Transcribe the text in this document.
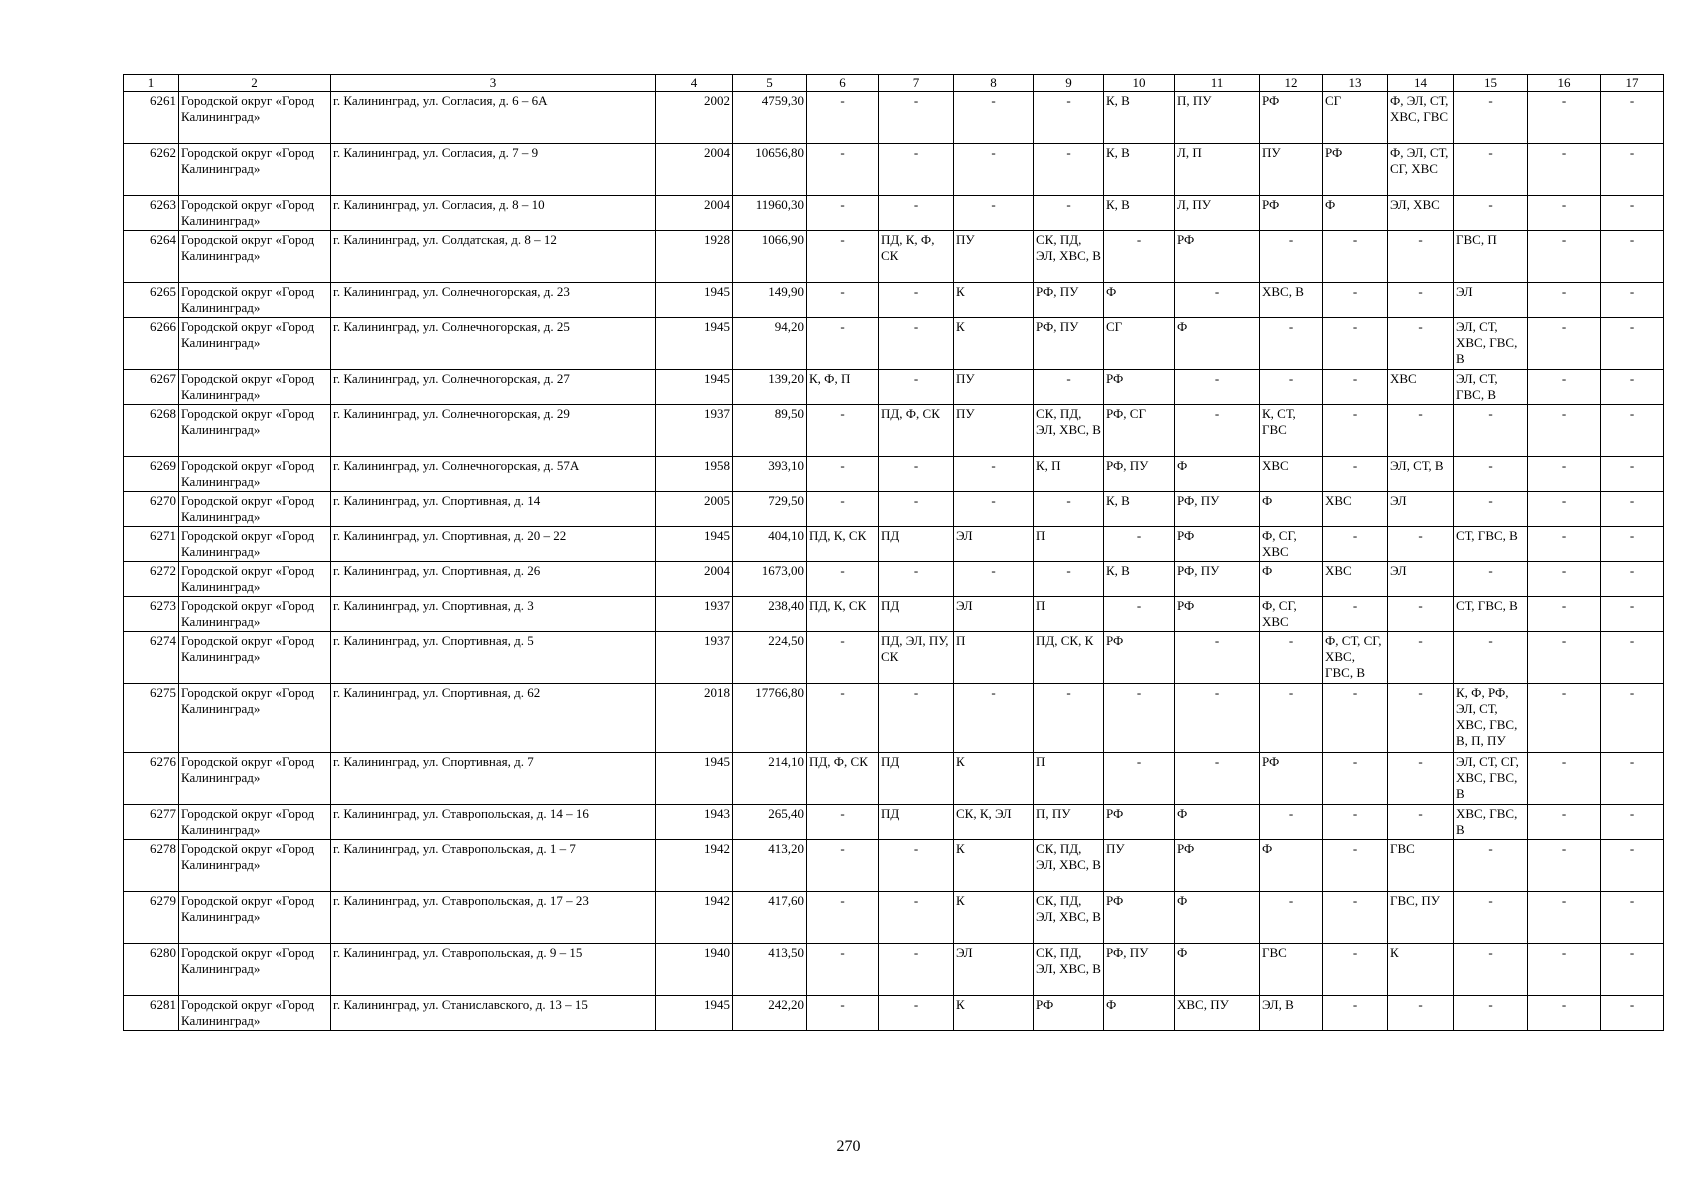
1	2	3	4	5	6	7	8	9	10	11	12	13	14	15	16	17
6261	Городской округ «Город Калининград»	г. Калининград, ул. Согласия, д. 6 – 6А	2002	4759,30	-	-	-	-	К, В	П, ПУ	РФ	СГ	Ф, ЭЛ, СТ, ХВС, ГВС	-	-	-
6262	Городской округ «Город Калининград»	г. Калининград, ул. Согласия, д. 7 – 9	2004	10656,80	-	-	-	-	К, В	Л, П	ПУ	РФ	Ф, ЭЛ, СТ, СГ, ХВС	-	-	-
6263	Городской округ «Город Калининград»	г. Калининград, ул. Согласия, д. 8 – 10	2004	11960,30	-	-	-	-	К, В	Л, ПУ	РФ	Ф	ЭЛ, ХВС	-	-	-
6264	Городской округ «Город Калининград»	г. Калининград, ул. Солдатская, д. 8 – 12	1928	1066,90	-	ПД, К, Ф, СК	ПУ	СК, ПД, ЭЛ, ХВС, В	-	РФ	-	-	-	ГВС, П	-	-
6265	Городской округ «Город Калининград»	г. Калининград, ул. Солнечногорская, д. 23	1945	149,90	-	-	К	РФ, ПУ	Ф	-	ХВС, В	-	-	ЭЛ	-	-
6266	Городской округ «Город Калининград»	г. Калининград, ул. Солнечногорская, д. 25	1945	94,20	-	-	К	РФ, ПУ	СГ	Ф	-	-	-	ЭЛ, СТ, ХВС, ГВС, В	-	-
6267	Городской округ «Город Калининград»	г. Калининград, ул. Солнечногорская, д. 27	1945	139,20	К, Ф, П	-	ПУ	-	РФ	-	-	-	ХВС	ЭЛ, СТ, ГВС, В	-	-
6268	Городской округ «Город Калининград»	г. Калининград, ул. Солнечногорская, д. 29	1937	89,50	-	ПД, Ф, СК	ПУ	СК, ПД, ЭЛ, ХВС, В	РФ, СГ	-	К, СТ, ГВС	-	-	-	-	-
6269	Городской округ «Город Калининград»	г. Калининград, ул. Солнечногорская, д. 57А	1958	393,10	-	-	-	К, П	РФ, ПУ	Ф	ХВС	-	ЭЛ, СТ, В	-	-	-
6270	Городской округ «Город Калининград»	г. Калининград, ул. Спортивная, д. 14	2005	729,50	-	-	-	-	К, В	РФ, ПУ	Ф	ХВС	ЭЛ	-	-	-
6271	Городской округ «Город Калининград»	г. Калининград, ул. Спортивная, д. 20 – 22	1945	404,10	ПД, К, СК	ПД	ЭЛ	П	-	РФ	Ф, СГ, ХВС	-	-	СТ, ГВС, В	-	-
6272	Городской округ «Город Калининград»	г. Калининград, ул. Спортивная, д. 26	2004	1673,00	-	-	-	-	К, В	РФ, ПУ	Ф	ХВС	ЭЛ	-	-	-
6273	Городской округ «Город Калининград»	г. Калининград, ул. Спортивная, д. 3	1937	238,40	ПД, К, СК	ПД	ЭЛ	П	-	РФ	Ф, СГ, ХВС	-	-	СТ, ГВС, В	-	-
6274	Городской округ «Город Калининград»	г. Калининград, ул. Спортивная, д. 5	1937	224,50	-	ПД, ЭЛ, ПУ, СК	П	ПД, СК, К	РФ	-	-	Ф, СТ, СГ, ХВС, ГВС, В	-	-	-	-
6275	Городской округ «Город Калининград»	г. Калининград, ул. Спортивная, д. 62	2018	17766,80	-	-	-	-	-	-	-	-	-	К, Ф, РФ, ЭЛ, СТ, ХВС, ГВС, В, П, ПУ	-	-
6276	Городской округ «Город Калининград»	г. Калининград, ул. Спортивная, д. 7	1945	214,10	ПД, Ф, СК	ПД	К	П	-	-	РФ	-	-	ЭЛ, СТ, СГ, ХВС, ГВС, В	-	-
6277	Городской округ «Город Калининград»	г. Калининград, ул. Ставропольская, д. 14 – 16	1943	265,40	-	ПД	СК, К, ЭЛ	П, ПУ	РФ	Ф	-	-	-	ХВС, ГВС, В	-	-
6278	Городской округ «Город Калининград»	г. Калининград, ул. Ставропольская, д. 1 – 7	1942	413,20	-	-	К	СК, ПД, ЭЛ, ХВС, В	ПУ	РФ	Ф	-	ГВС	-	-	-
6279	Городской округ «Город Калининград»	г. Калининград, ул. Ставропольская, д. 17 – 23	1942	417,60	-	-	К	СК, ПД, ЭЛ, ХВС, В	РФ	Ф	-	-	ГВС, ПУ	-	-	-
6280	Городской округ «Город Калининград»	г. Калининград, ул. Ставропольская, д. 9 – 15	1940	413,50	-	-	ЭЛ	СК, ПД, ЭЛ, ХВС, В	РФ, ПУ	Ф	ГВС	-	К	-	-	-
6281	Городской округ «Город Калининград»	г. Калининград, ул. Станиславского, д. 13 – 15	1945	242,20	-	-	К	РФ	Ф	ХВС, ПУ	ЭЛ, В	-	-	-	-	-
270
